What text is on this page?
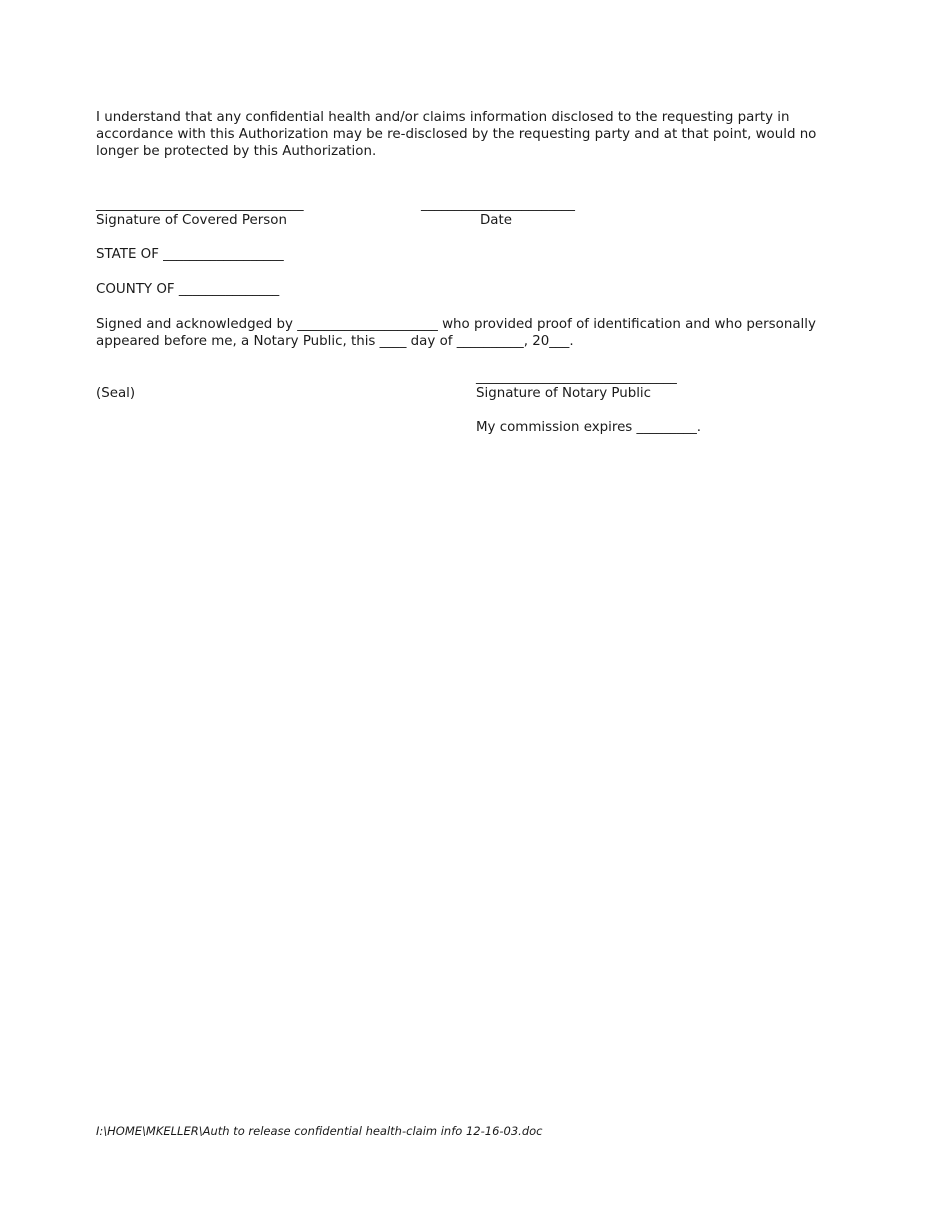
I understand that any confidential health and/or claims information disclosed to the requesting party in accordance with this Authorization may be re-disclosed by the requesting party and at that point, would no longer be protected by this Authorization.
_______________________________	_______________________
Signature of Covered Person	Date
STATE OF __________________
COUNTY OF _______________
Signed and acknowledged by _____________________ who provided proof of identification and who personally appeared before me, a Notary Public, this ____ day of __________, 20___.
______________________________
(Seal)	Signature of Notary Public
My commission expires _________.
I:\HOME\MKELLER\Auth to release confidential health-claim info 12-16-03.doc
